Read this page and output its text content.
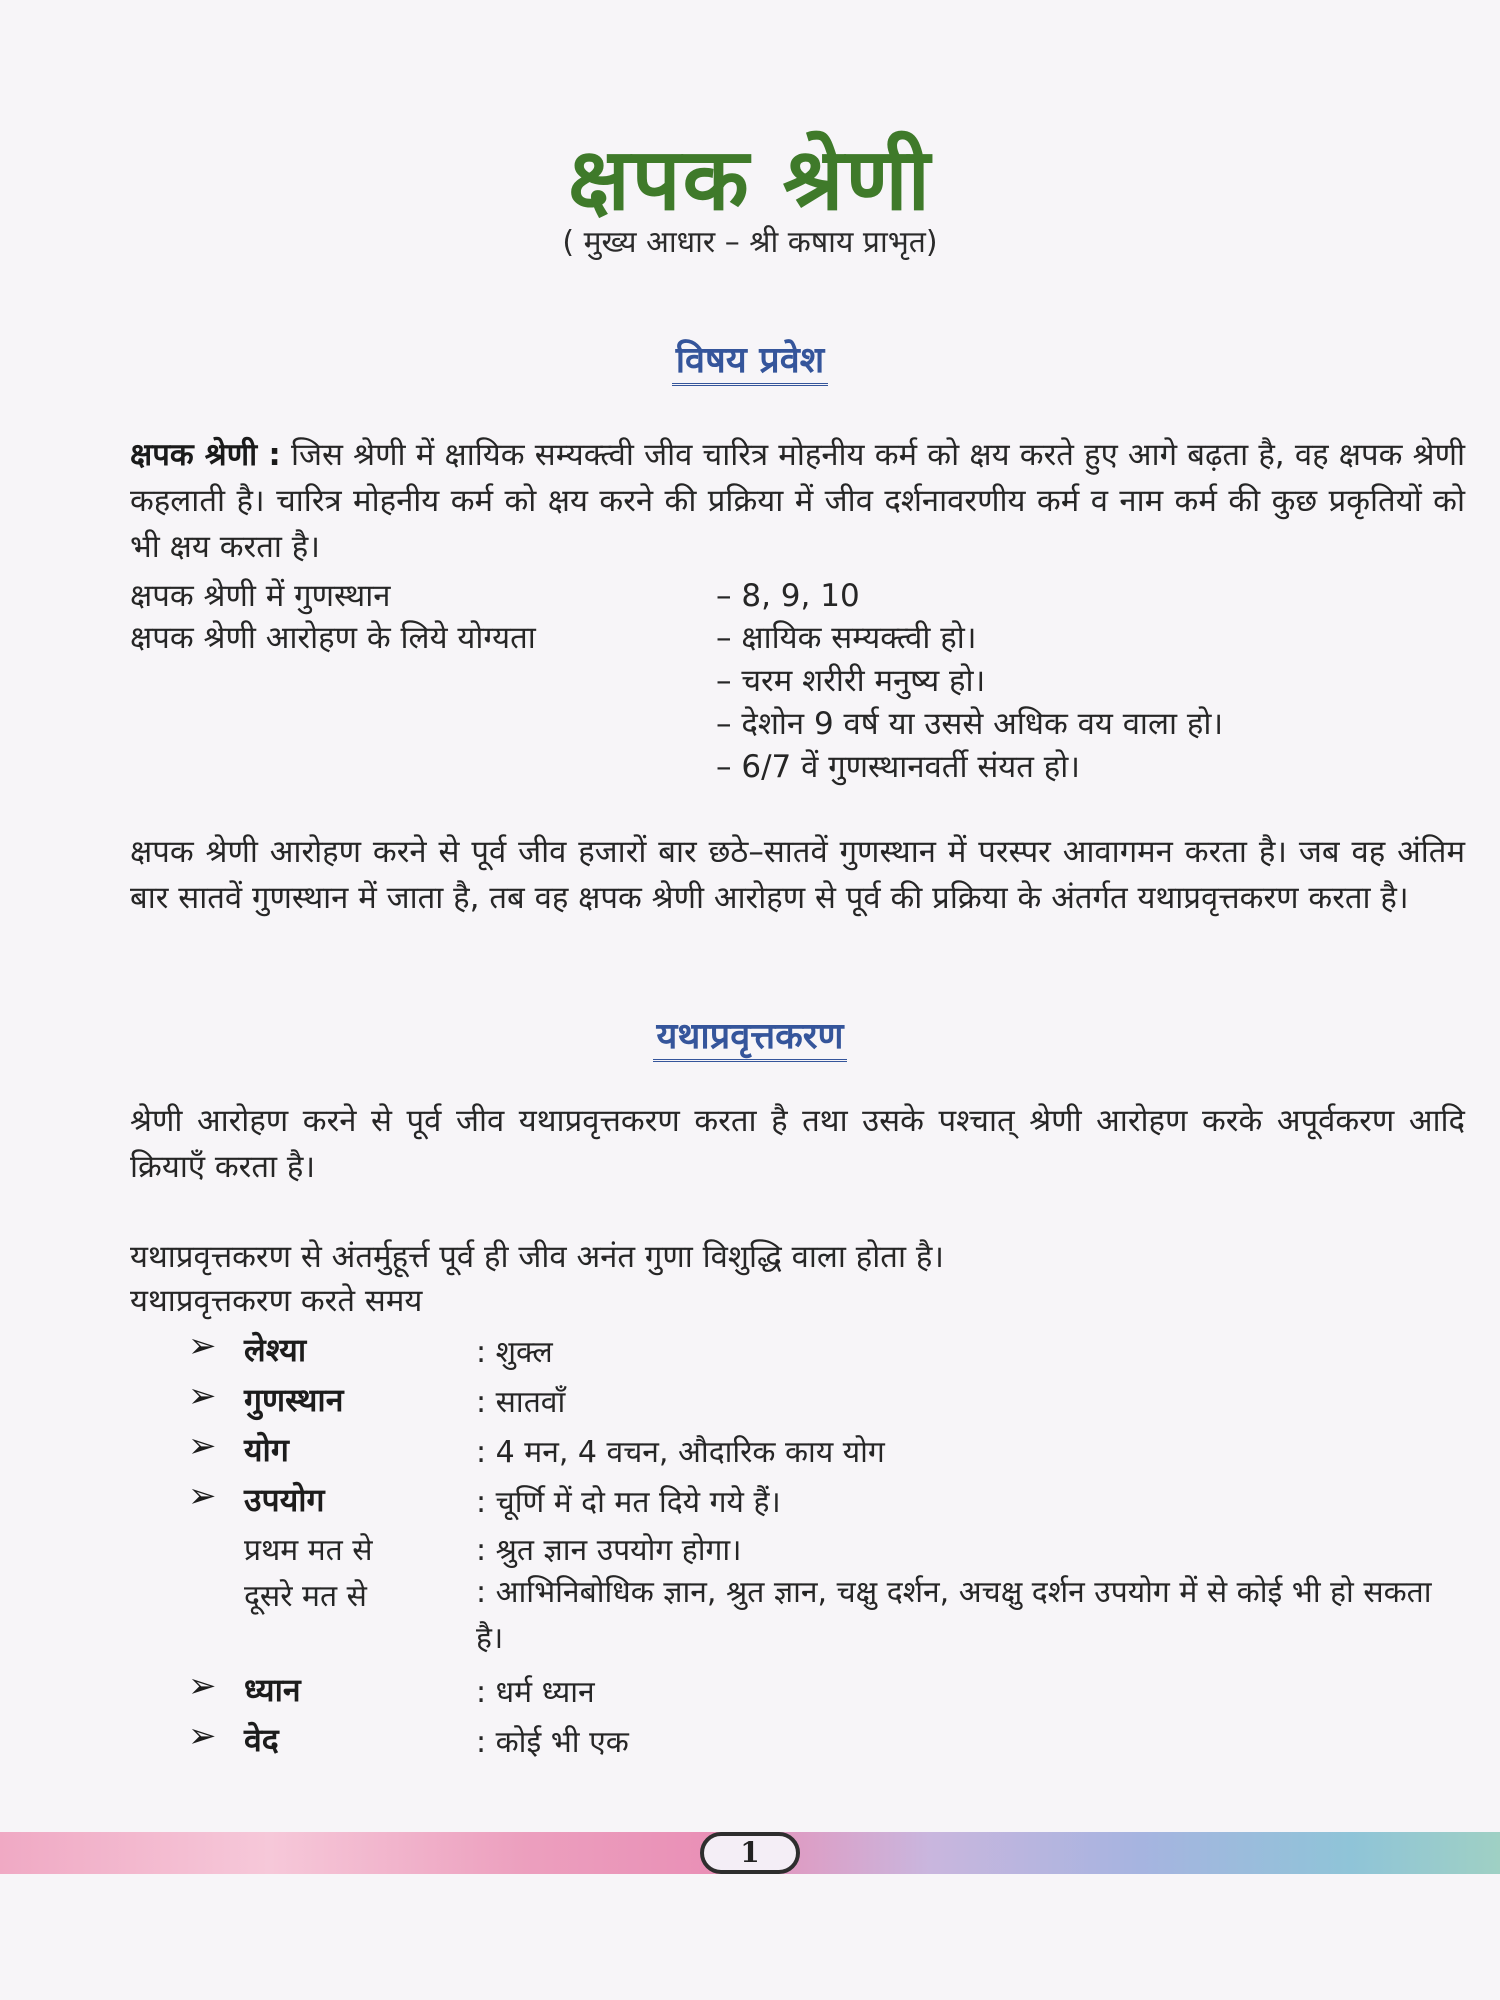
क्षपक श्रेणी
( मुख्य आधार – श्री कषाय प्राभृत)
विषय प्रवेश
क्षपक श्रेणी : जिस श्रेणी में क्षायिक सम्यक्त्वी जीव चारित्र मोहनीय कर्म को क्षय करते हुए आगे बढ़ता है, वह क्षपक श्रेणी कहलाती है। चारित्र मोहनीय कर्म को क्षय करने की प्रक्रिया में जीव दर्शनावरणीय कर्म व नाम कर्म की कुछ प्रकृतियों को भी क्षय करता है।
क्षपक श्रेणी में गुणस्थान	– 8, 9, 10
क्षपक श्रेणी आरोहण के लिये योग्यता	– क्षायिक सम्यक्त्वी हो।
– चरम शरीरी मनुष्य हो।
– देशोन 9 वर्ष या उससे अधिक वय वाला हो।
– 6/7 वें गुणस्थानवर्ती संयत हो।
क्षपक श्रेणी आरोहण करने से पूर्व जीव हजारों बार छठे–सातवें गुणस्थान में परस्पर आवागमन करता है। जब वह अंतिम बार सातवें गुणस्थान में जाता है, तब वह क्षपक श्रेणी आरोहण से पूर्व की प्रक्रिया के अंतर्गत यथाप्रवृत्तकरण करता है।
यथाप्रवृत्तकरण
श्रेणी आरोहण करने से पूर्व जीव यथाप्रवृत्तकरण करता है तथा उसके पश्चात् श्रेणी आरोहण करके अपूर्वकरण आदि क्रियाएँ करता है।
यथाप्रवृत्तकरण से अंतर्मुहूर्त्त पूर्व ही जीव अनंत गुणा विशुद्धि वाला होता है।
यथाप्रवृत्तकरण करते समय
➢ लेश्या	: शुक्ल
➢ गुणस्थान	: सातवाँ
➢ योग	: 4 मन, 4 वचन, औदारिक काय योग
➢ उपयोग	: चूर्णि में दो मत दिये गये हैं।
प्रथम मत से	: श्रुत ज्ञान उपयोग होगा।
दूसरे मत से	: आभिनिबोधिक ज्ञान, श्रुत ज्ञान, चक्षु दर्शन, अचक्षु दर्शन उपयोग में से कोई भी हो सकता है।
➢ ध्यान	: धर्म ध्यान
➢ वेद	: कोई भी एक
1
